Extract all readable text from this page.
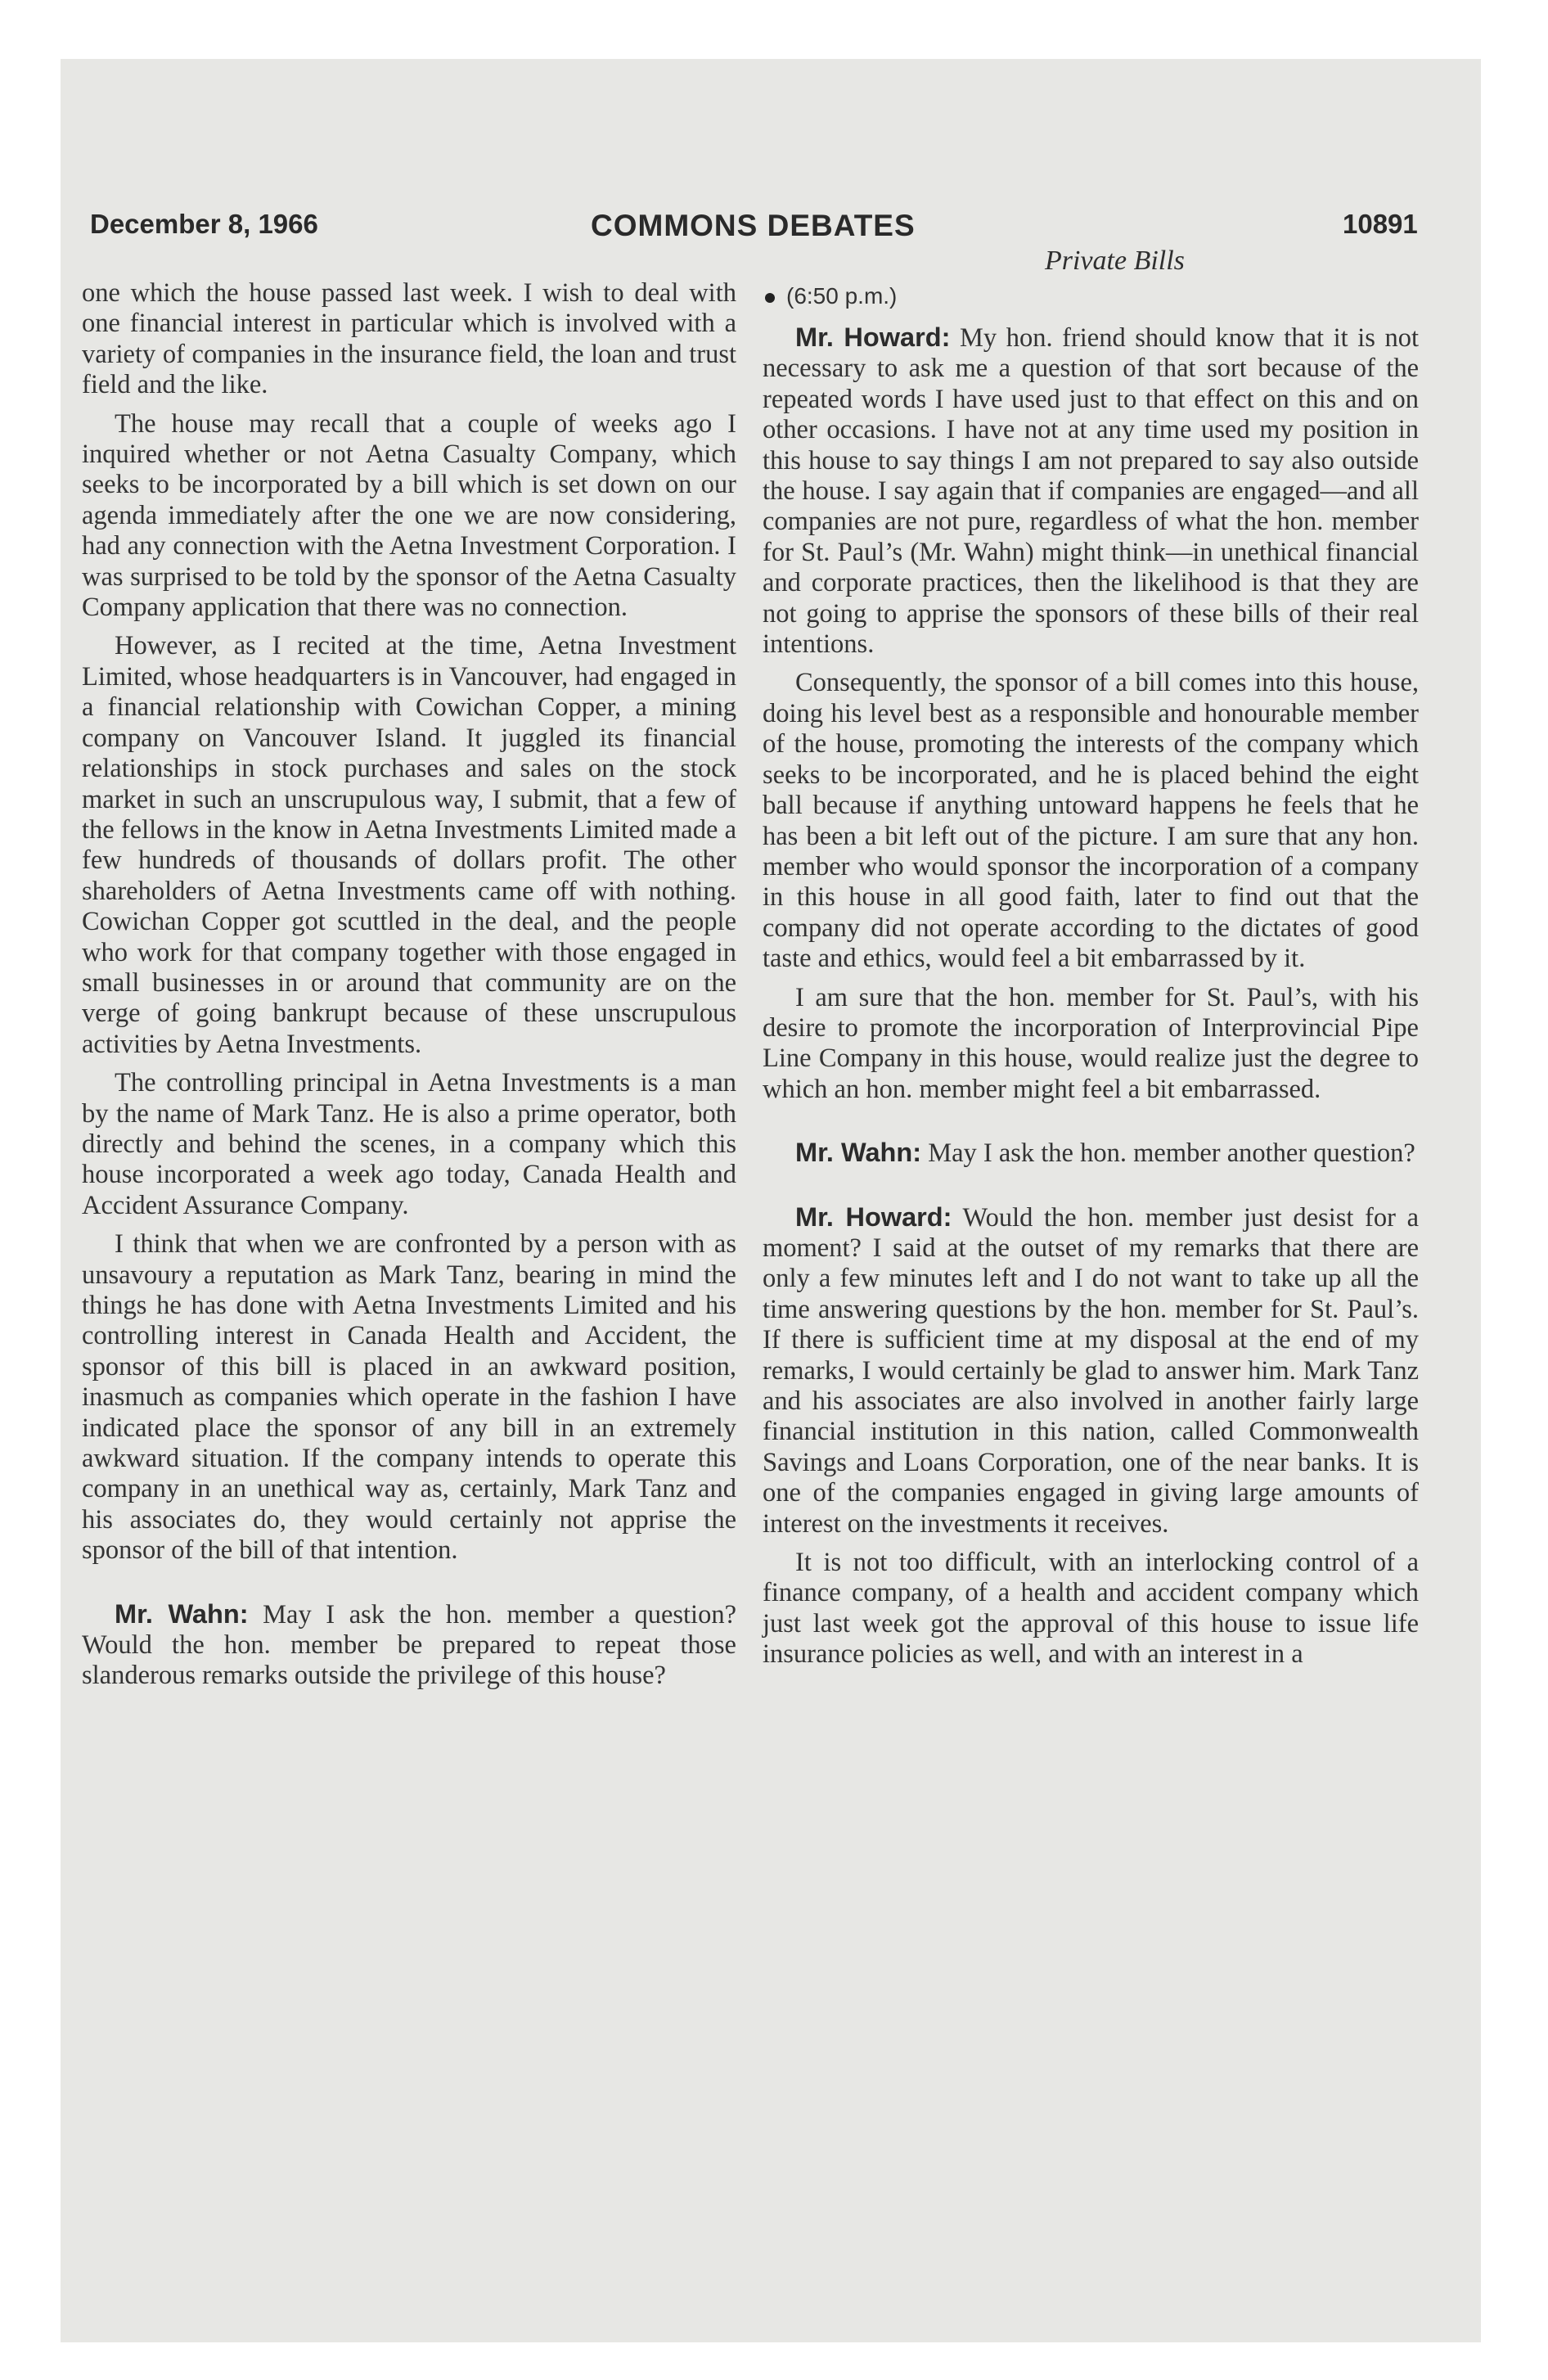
December 8, 1966	COMMONS DEBATES	10891
Private Bills
(6:50 p.m.)

one which the house passed last week. I wish to deal with one financial interest in particular which is involved with a variety of companies in the insurance field, the loan and trust field and the like.

The house may recall that a couple of weeks ago I inquired whether or not Aetna Casualty Company, which seeks to be incorporated by a bill which is set down on our agenda immediately after the one we are now considering, had any connection with the Aetna Investment Corporation. I was surprised to be told by the sponsor of the Aetna Casualty Company application that there was no connection.

However, as I recited at the time, Aetna Investment Limited, whose headquarters is in Vancouver, had engaged in a financial relationship with Cowichan Copper, a mining company on Vancouver Island. It juggled its financial relationships in stock purchases and sales on the stock market in such an unscrupulous way, I submit, that a few of the fellows in the know in Aetna Investments Limited made a few hundreds of thousands of dollars profit. The other shareholders of Aetna Investments came off with nothing. Cowichan Copper got scuttled in the deal, and the people who work for that company together with those engaged in small businesses in or around that community are on the verge of going bankrupt because of these unscrupulous activities by Aetna Investments.

The controlling principal in Aetna Investments is a man by the name of Mark Tanz. He is also a prime operator, both directly and behind the scenes, in a company which this house incorporated a week ago today, Canada Health and Accident Assurance Company.

I think that when we are confronted by a person with as unsavoury a reputation as Mark Tanz, bearing in mind the things he has done with Aetna Investments Limited and his controlling interest in Canada Health and Accident, the sponsor of this bill is placed in an awkward position, inasmuch as companies which operate in the fashion I have indicated place the sponsor of any bill in an extremely awkward situation. If the company intends to operate this company in an unethical way as, certainly, Mark Tanz and his associates do, they would certainly not apprise the sponsor of the bill of that intention.

Mr. Wahn: May I ask the hon. member a question? Would the hon. member be prepared to repeat those slanderous remarks outside the privilege of this house?

Mr. Howard: My hon. friend should know that it is not necessary to ask me a question of that sort because of the repeated words I have used just to that effect on this and on other occasions. I have not at any time used my position in this house to say things I am not prepared to say also outside the house. I say again that if companies are engaged—and all companies are not pure, regardless of what the hon. member for St. Paul’s (Mr. Wahn) might think—in unethical financial and corporate practices, then the likelihood is that they are not going to apprise the sponsors of these bills of their real intentions.

Consequently, the sponsor of a bill comes into this house, doing his level best as a responsible and honourable member of the house, promoting the interests of the company which seeks to be incorporated, and he is placed behind the eight ball because if anything untoward happens he feels that he has been a bit left out of the picture. I am sure that any hon. member who would sponsor the incorporation of a company in this house in all good faith, later to find out that the company did not operate according to the dictates of good taste and ethics, would feel a bit embarrassed by it.

I am sure that the hon. member for St. Paul’s, with his desire to promote the incorporation of Interprovincial Pipe Line Company in this house, would realize just the degree to which an hon. member might feel a bit embarrassed.

Mr. Wahn: May I ask the hon. member another question?

Mr. Howard: Would the hon. member just desist for a moment? I said at the outset of my remarks that there are only a few minutes left and I do not want to take up all the time answering questions by the hon. member for St. Paul’s. If there is sufficient time at my disposal at the end of my remarks, I would certainly be glad to answer him. Mark Tanz and his associates are also involved in another fairly large financial institution in this nation, called Commonwealth Savings and Loans Corporation, one of the near banks. It is one of the companies engaged in giving large amounts of interest on the investments it receives.

It is not too difficult, with an interlocking control of a finance company, of a health and accident company which just last week got the approval of this house to issue life insurance policies as well, and with an interest in a
